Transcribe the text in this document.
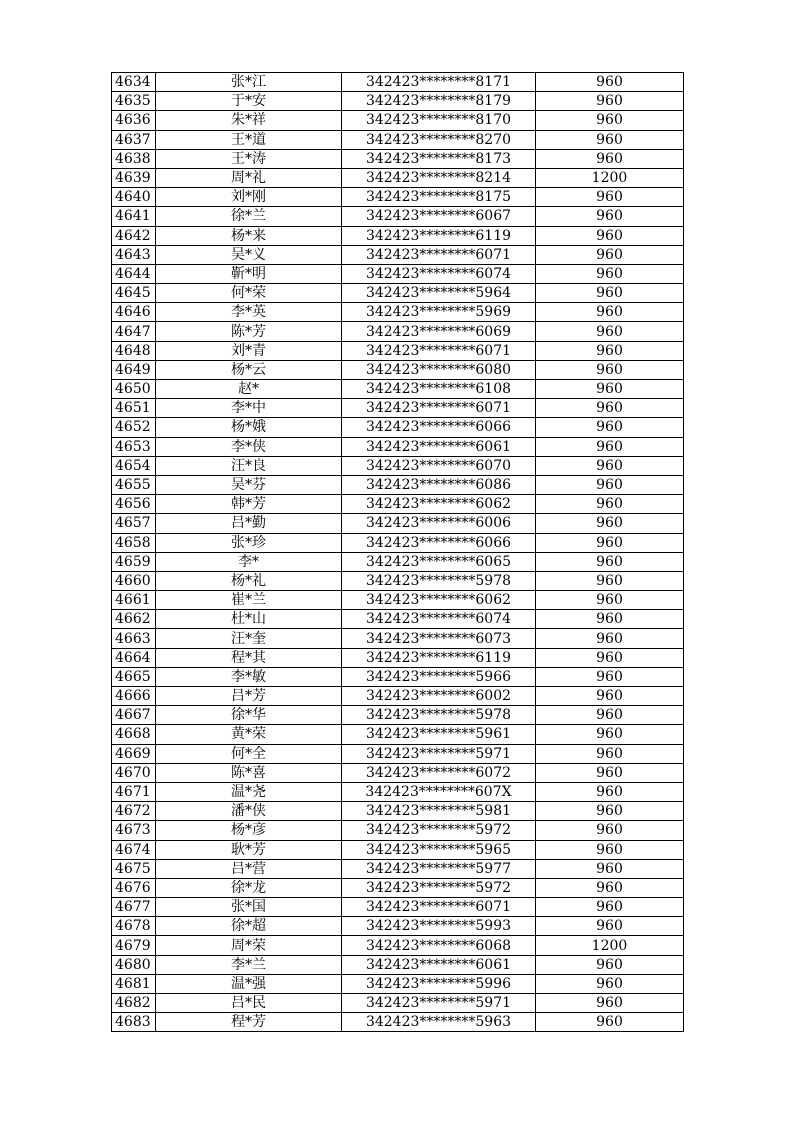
4634	张*江	342423********8171	960
4635	于*安	342423********8179	960
4636	朱*祥	342423********8170	960
4637	王*道	342423********8270	960
4638	王*涛	342423********8173	960
4639	周*礼	342423********8214	1200
4640	刘*刚	342423********8175	960
4641	徐*兰	342423********6067	960
4642	杨*来	342423********6119	960
4643	吴*义	342423********6071	960
4644	靳*明	342423********6074	960
4645	何*荣	342423********5964	960
4646	李*英	342423********5969	960
4647	陈*芳	342423********6069	960
4648	刘*青	342423********6071	960
4649	杨*云	342423********6080	960
4650	赵*	342423********6108	960
4651	李*中	342423********6071	960
4652	杨*娥	342423********6066	960
4653	李*侠	342423********6061	960
4654	汪*良	342423********6070	960
4655	吴*芬	342423********6086	960
4656	韩*芳	342423********6062	960
4657	吕*勤	342423********6006	960
4658	张*珍	342423********6066	960
4659	李*	342423********6065	960
4660	杨*礼	342423********5978	960
4661	崔*兰	342423********6062	960
4662	杜*山	342423********6074	960
4663	汪*奎	342423********6073	960
4664	程*其	342423********6119	960
4665	李*敏	342423********5966	960
4666	吕*芳	342423********6002	960
4667	徐*华	342423********5978	960
4668	黄*荣	342423********5961	960
4669	何*全	342423********5971	960
4670	陈*喜	342423********6072	960
4671	温*尧	342423********607X	960
4672	潘*侠	342423********5981	960
4673	杨*彦	342423********5972	960
4674	耿*芳	342423********5965	960
4675	吕*营	342423********5977	960
4676	徐*龙	342423********5972	960
4677	张*国	342423********6071	960
4678	徐*超	342423********5993	960
4679	周*荣	342423********6068	1200
4680	李*兰	342423********6061	960
4681	温*强	342423********5996	960
4682	吕*民	342423********5971	960
4683	程*芳	342423********5963	960
